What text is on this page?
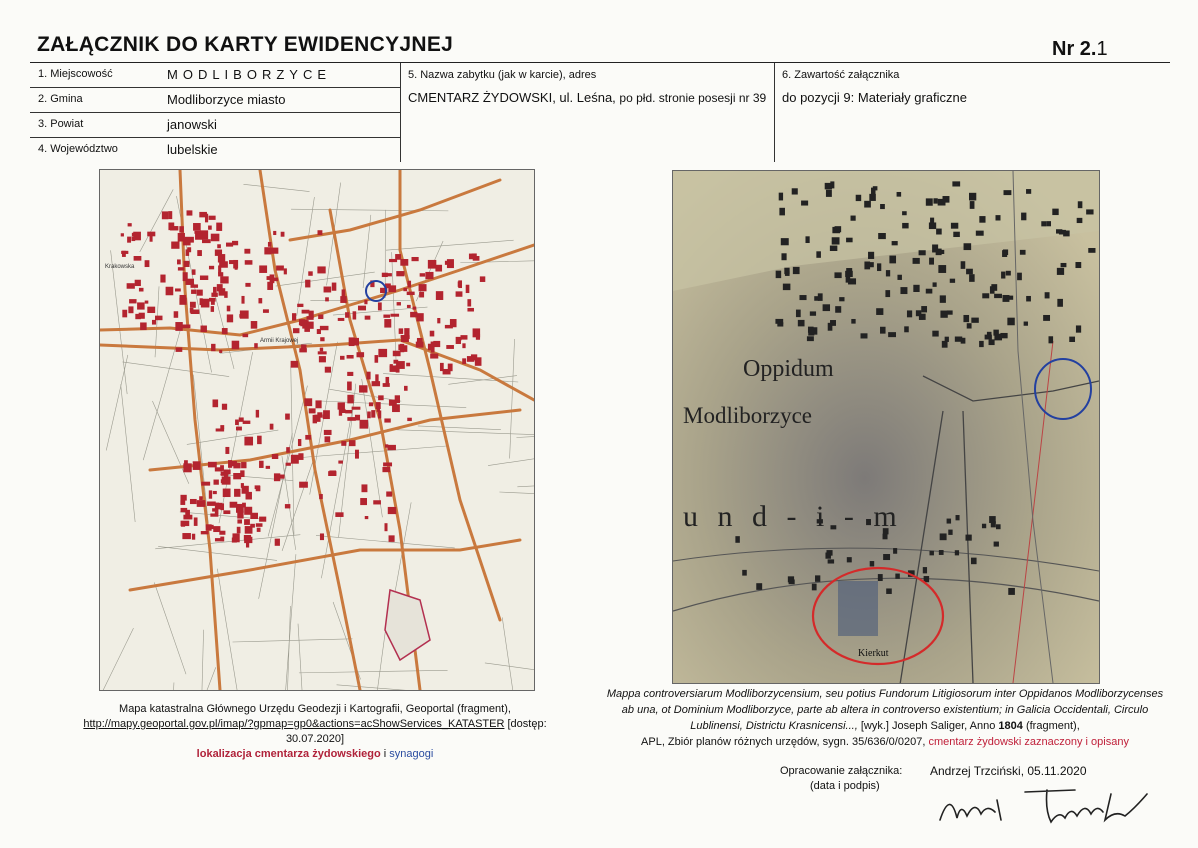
ZAŁĄCZNIK DO KARTY EWIDENCYJNEJ	Nr 2.1
1. Miejscowość	MODLIBORZYCE
2. Gmina	Modliborzyce miasto
3. Powiat	janowski
4. Województwo	lubelskie
5. Nazwa zabytku (jak w karcie), adres
CMENTARZ ŻYDOWSKI, ul. Leśna, po płd. stronie posesji nr 39
6. Zawartość załącznika
do pozycji 9: Materiały graficzne
Krakowska
Armii Krajowej
Oppidum
Modliborzyce
u n d - i - m
Kierkut
Mapa katastralna Głównego Urzędu Geodezji i Kartografii, Geoportal (fragment),
http://mapy.geoportal.gov.pl/imap/?gpmap=gp0&actions=acShowServices_KATASTER [dostęp: 30.07.2020]
lokalizacja cmentarza żydowskiego i synagogi
Mappa controversiarum Modliborzycensium, seu potius Fundorum Litigiosorum inter Oppidanos Modliborzycenses ab una, ot Dominium Modliborzyce, parte ab altera in controverso existentium; in Galicia Occidentali, Circulo Lublinensi, Districtu Krasnicensi..., [wyk.] Joseph Saliger, Anno 1804 (fragment),
APL, Zbiór planów różnych urzędów, sygn. 35/636/0/0207, cmentarz żydowski zaznaczony i opisany
Opracowanie załącznika:
(data i podpis)
Andrzej Trzciński, 05.11.2020
